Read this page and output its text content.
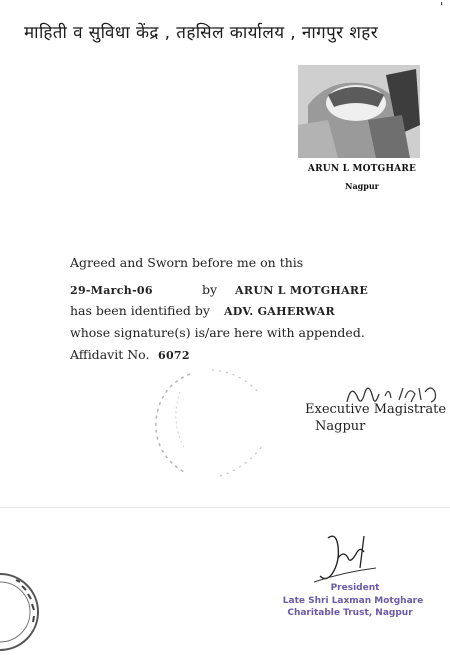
माहिती व सुविधा केंद्र , तहसिल कार्यालय , नागपुर शहर
'
ARUN L MOTGHARE
Nagpur
Agreed and Sworn before me on this
29-March-06	by ARUN L MOTGHARE
has been identified by ADV. GAHERWAR
whose signature(s) is/are here with appended.
Affidavit No. 6072
Executive Magistrate
Nagpur
President
Late Shri Laxman Motghare
Charitable Trust, Nagpur
